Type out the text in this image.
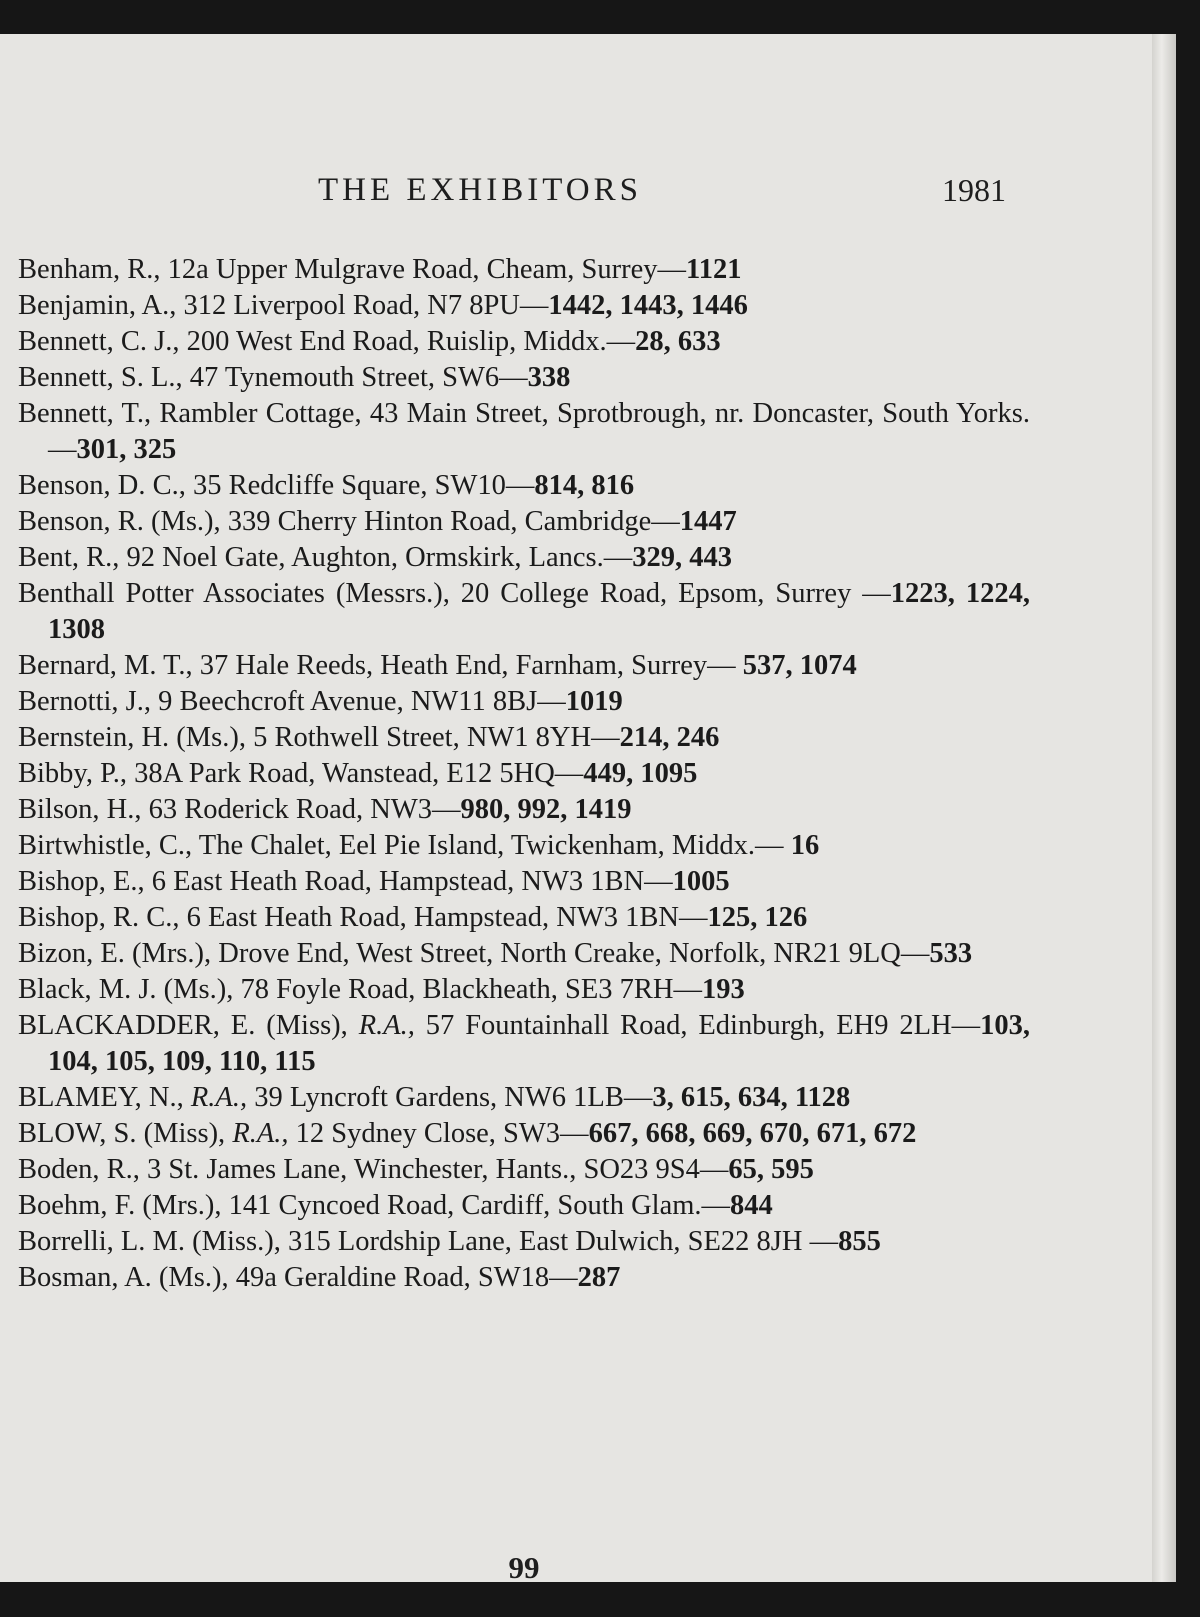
THE EXHIBITORS	1981
Benham, R., 12a Upper Mulgrave Road, Cheam, Surrey—1121
Benjamin, A., 312 Liverpool Road, N7 8PU—1442, 1443, 1446
Bennett, C. J., 200 West End Road, Ruislip, Middx.—28, 633
Bennett, S. L., 47 Tynemouth Street, SW6—338
Bennett, T., Rambler Cottage, 43 Main Street, Sprotbrough, nr. Doncaster, South Yorks.—301, 325
Benson, D. C., 35 Redcliffe Square, SW10—814, 816
Benson, R. (Ms.), 339 Cherry Hinton Road, Cambridge—1447
Bent, R., 92 Noel Gate, Aughton, Ormskirk, Lancs.—329, 443
Benthall Potter Associates (Messrs.), 20 College Road, Epsom, Surrey —1223, 1224, 1308
Bernard, M. T., 37 Hale Reeds, Heath End, Farnham, Surrey— 537, 1074
Bernotti, J., 9 Beechcroft Avenue, NW11 8BJ—1019
Bernstein, H. (Ms.), 5 Rothwell Street, NW1 8YH—214, 246
Bibby, P., 38A Park Road, Wanstead, E12 5HQ—449, 1095
Bilson, H., 63 Roderick Road, NW3—980, 992, 1419
Birtwhistle, C., The Chalet, Eel Pie Island, Twickenham, Middx.— 16
Bishop, E., 6 East Heath Road, Hampstead, NW3 1BN—1005
Bishop, R. C., 6 East Heath Road, Hampstead, NW3 1BN—125, 126
Bizon, E. (Mrs.), Drove End, West Street, North Creake, Norfolk, NR21 9LQ—533
Black, M. J. (Ms.), 78 Foyle Road, Blackheath, SE3 7RH—193
BLACKADDER, E. (Miss), R.A., 57 Fountainhall Road, Edinburgh, EH9 2LH—103, 104, 105, 109, 110, 115
BLAMEY, N., R.A., 39 Lyncroft Gardens, NW6 1LB—3, 615, 634, 1128
BLOW, S. (Miss), R.A., 12 Sydney Close, SW3—667, 668, 669, 670, 671, 672
Boden, R., 3 St. James Lane, Winchester, Hants., SO23 9S4—65, 595
Boehm, F. (Mrs.), 141 Cyncoed Road, Cardiff, South Glam.—844
Borrelli, L. M. (Miss.), 315 Lordship Lane, East Dulwich, SE22 8JH —855
Bosman, A. (Ms.), 49a Geraldine Road, SW18—287
99
